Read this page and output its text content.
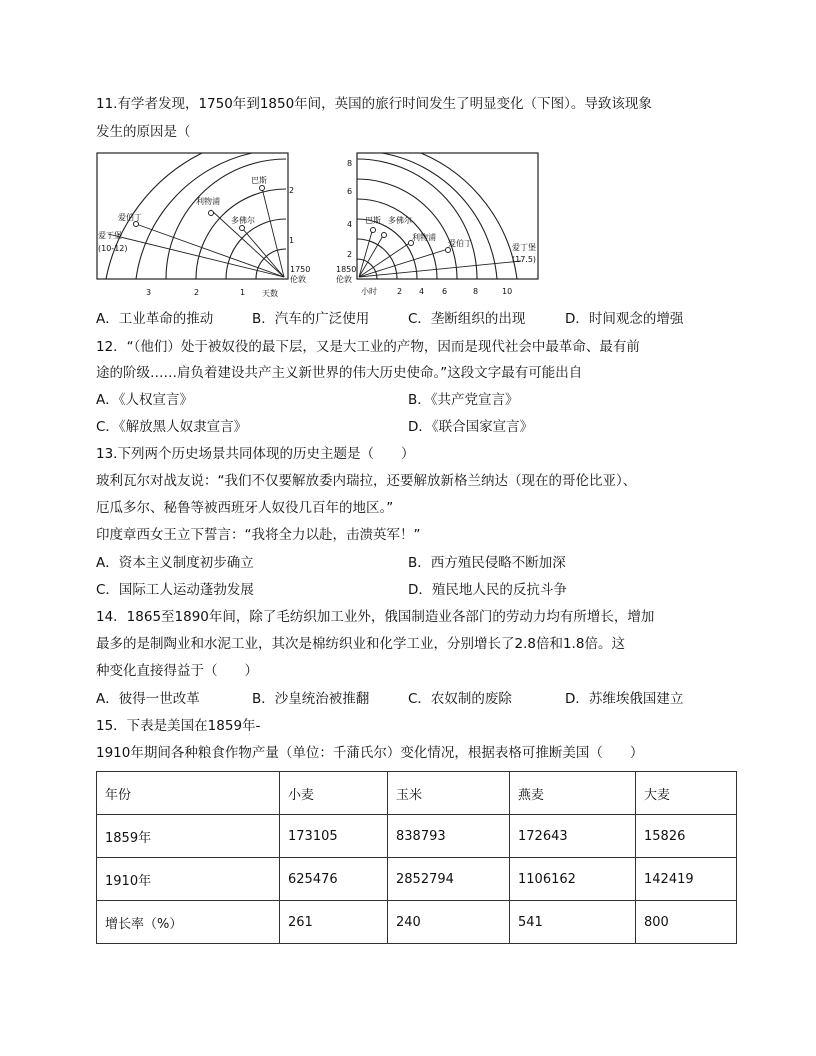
11.有学者发现，1750年到1850年间，英国的旅行时间发生了明显变化（下图）。导致该现象
发生的原因是（
爱丁堡
(10-12)
爱伯丁
利物浦
巴斯
多佛尔
1750
伦敦
天数
3	2	1
2
1
巴斯 多佛尔
利物浦
爱伯丁	爱丁堡
(17.5)
1850
伦敦
小时	2 4 6	8	10
8
6
4
2
A．工业革命的推动	B．汽车的广泛使用	C．垄断组织的出现	D．时间观念的增强
12．“（他们）处于被奴役的最下层，又是大工业的产物，因而是现代社会中最革命、最有前
途的阶级……肩负着建设共产主义新世界的伟大历史使命。”这段文字最有可能出自
A．《人权宣言》	B．《共产党宣言》
C．《解放黑人奴隶宣言》	D．《联合国家宣言》
13.下列两个历史场景共同体现的历史主题是（　　）
玻利瓦尔对战友说：“我们不仅要解放委内瑞拉，还要解放新格兰纳达（现在的哥伦比亚）、
厄瓜多尔、秘鲁等被西班牙人奴役几百年的地区。”
印度章西女王立下誓言：“我将全力以赴，击溃英军！”
A．资本主义制度初步确立	B．西方殖民侵略不断加深
C．国际工人运动蓬勃发展	D．殖民地人民的反抗斗争
14．1865至1890年间，除了毛纺织加工业外，俄国制造业各部门的劳动力均有所增长，增加
最多的是制陶业和水泥工业，其次是棉纺织业和化学工业，分别增长了2.8倍和1.8倍。这
种变化直接得益于（　　）
A．彼得一世改革	B．沙皇统治被推翻	C．农奴制的废除	D．苏维埃俄国建立
15．下表是美国在1859年-
1910年期间各种粮食作物产量（单位：千蒲氏尔）变化情况，根据表格可推断美国（　　）
年份	小麦	玉米	燕麦	大麦
1859年	173105	838793	172643	15826
1910年	625476	2852794	1106162	142419
增长率（%）	261	240	541	800
